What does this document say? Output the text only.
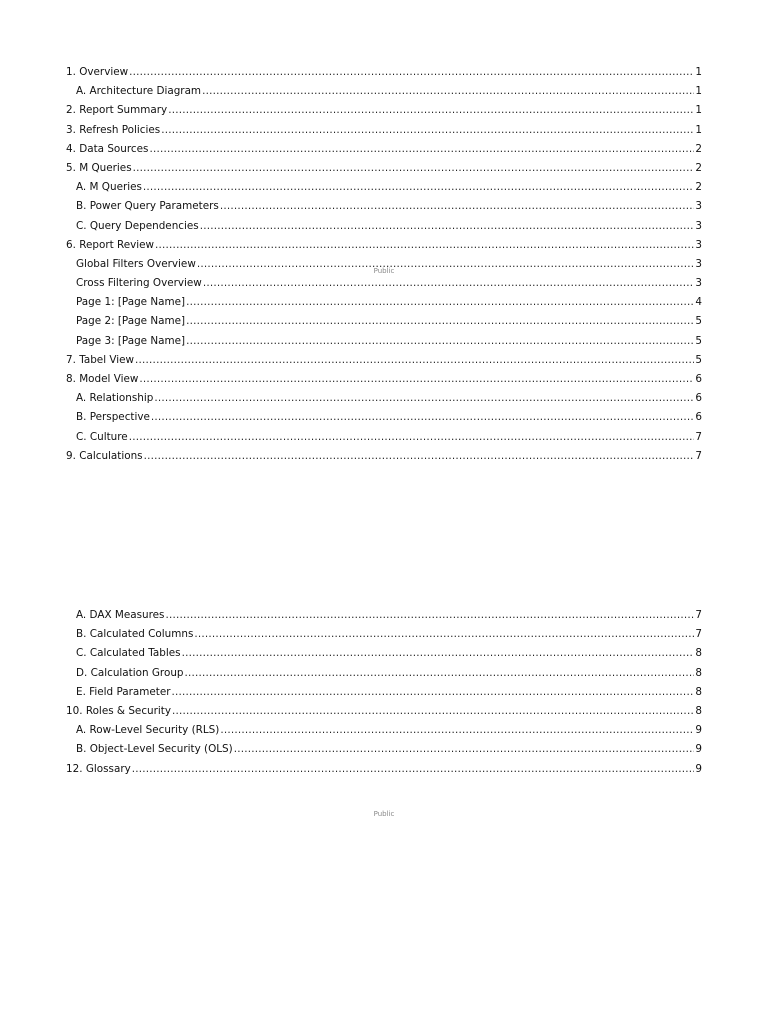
1. Overview .....	1
A. Architecture Diagram .....	1
2. Report Summary .....	1
3. Refresh Policies .....	1
4. Data Sources .....	2
5. M Queries .....	2
A. M Queries .....	2
B. Power Query Parameters .....	3
C. Query Dependencies .....	3
6. Report Review .....	3
Global Filters Overview .....	3
Cross Filtering Overview .....	3
Page 1: [Page Name] .....	4
Page 2: [Page Name] .....	5
Page 3: [Page Name] .....	5
7. Tabel View .....	5
8. Model View .....	6
A. Relationship .....	6
B. Perspective .....	6
C. Culture .....	7
9. Calculations .....	7
Public
A. DAX Measures .....	7
B. Calculated Columns .....	7
C. Calculated Tables .....	8
D. Calculation Group .....	8
E. Field Parameter .....	8
10. Roles & Security .....	8
A. Row-Level Security (RLS) .....	9
B. Object-Level Security (OLS) .....	9
12. Glossary .....	9
Public
